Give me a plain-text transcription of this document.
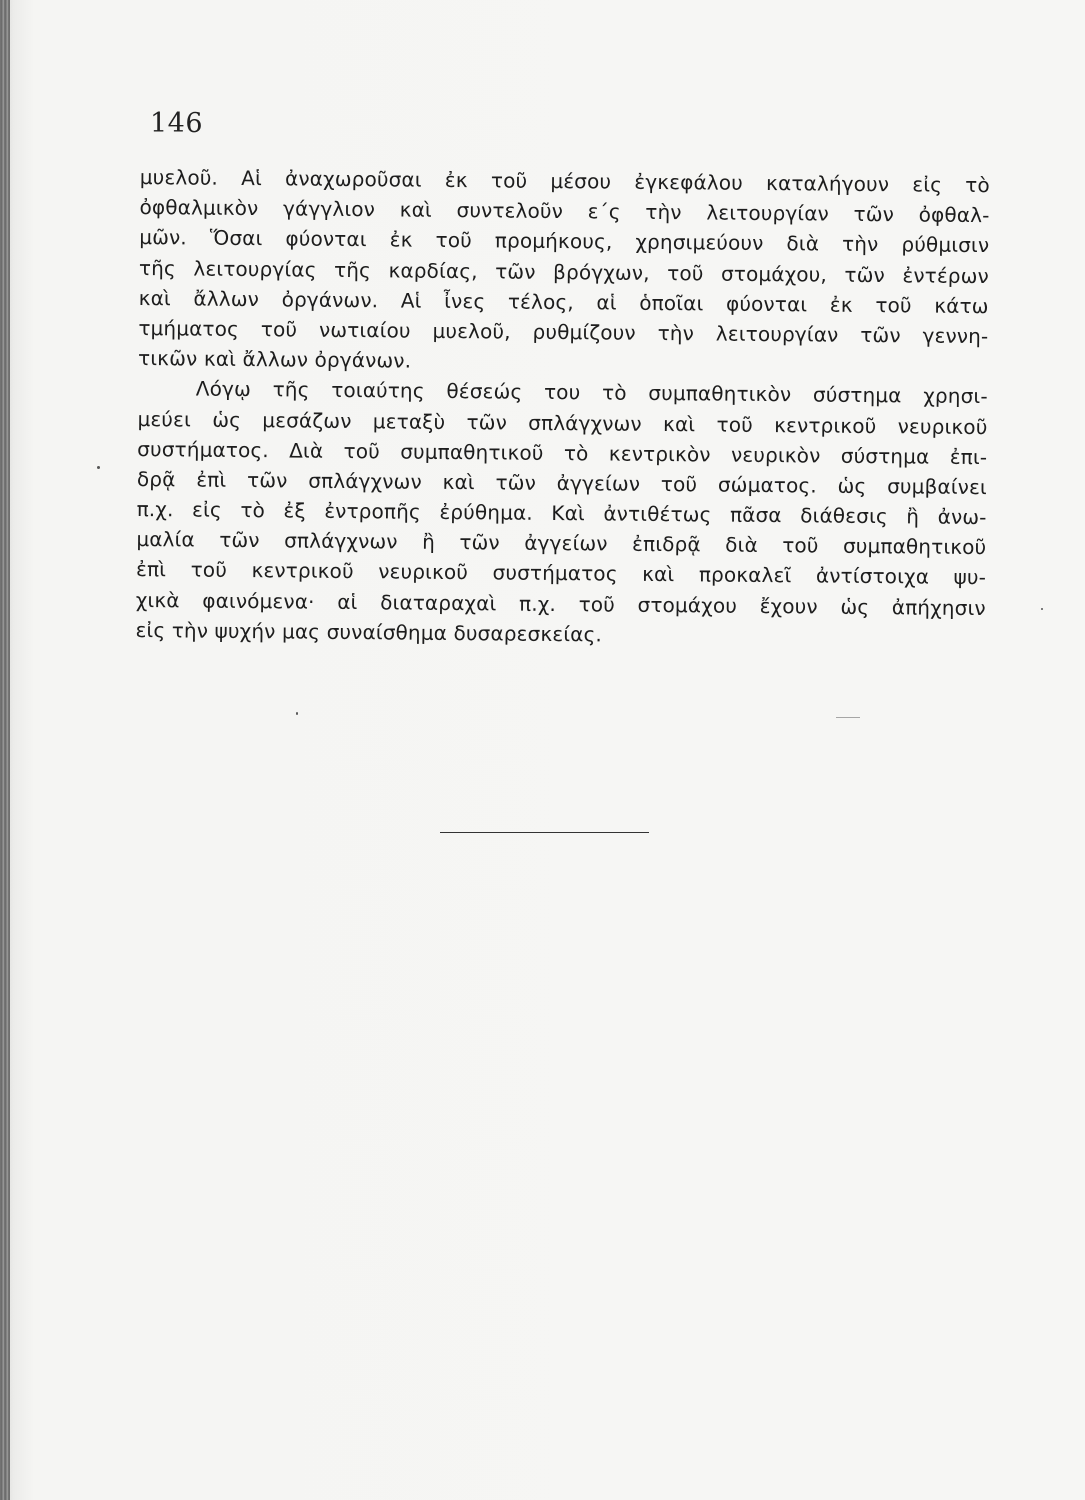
146
μυελοῦ. Αἱ ἀναχωροῦσαι ἐκ τοῦ μέσου ἐγκεφάλου καταλήγουν εἰς τὸ
ὀφθαλμικὸν γάγγλιον καὶ συντελοῦν ε΄ς τὴν λειτουργίαν τῶν ὀφθαλ-
μῶν. Ὅσαι φύονται ἐκ τοῦ προμήκους, χρησιμεύουν διὰ τὴν ρύθμισιν
τῆς λειτουργίας τῆς καρδίας, τῶν βρόγχων, τοῦ στομάχου, τῶν ἐντέρων
καὶ ἄλλων ὀργάνων. Αἱ ἶνες τέλος, αἱ ὁποῖαι φύονται ἐκ τοῦ κάτω
τμήματος τοῦ νωτιαίου μυελοῦ, ρυθμίζουν τὴν λειτουργίαν τῶν γεννη-
τικῶν καὶ ἄλλων ὀργάνων.
Λόγῳ τῆς τοιαύτης θέσεώς του τὸ συμπαθητικὸν σύστημα χρησι-
μεύει ὡς μεσάζων μεταξὺ τῶν σπλάγχνων καὶ τοῦ κεντρικοῦ νευρικοῦ
συστήματος. Διὰ τοῦ συμπαθητικοῦ τὸ κεντρικὸν νευρικὸν σύστημα ἐπι-
δρᾷ ἐπὶ τῶν σπλάγχνων καὶ τῶν ἀγγείων τοῦ σώματος. ὡς συμβαίνει
π.χ. εἰς τὸ ἐξ ἐντροπῆς ἐρύθημα. Καὶ ἀντιθέτως πᾶσα διάθεσις ἢ ἀνω-
μαλία τῶν σπλάγχνων ἢ τῶν ἀγγείων ἐπιδρᾷ διὰ τοῦ συμπαθητικοῦ
ἐπὶ τοῦ κεντρικοῦ νευρικοῦ συστήματος καὶ προκαλεῖ ἀντίστοιχα ψυ-
χικὰ φαινόμενα· αἱ διαταραχαὶ π.χ. τοῦ στομάχου ἔχουν ὡς ἀπήχησιν
εἰς τὴν ψυχήν μας συναίσθημα δυσαρεσκείας.
